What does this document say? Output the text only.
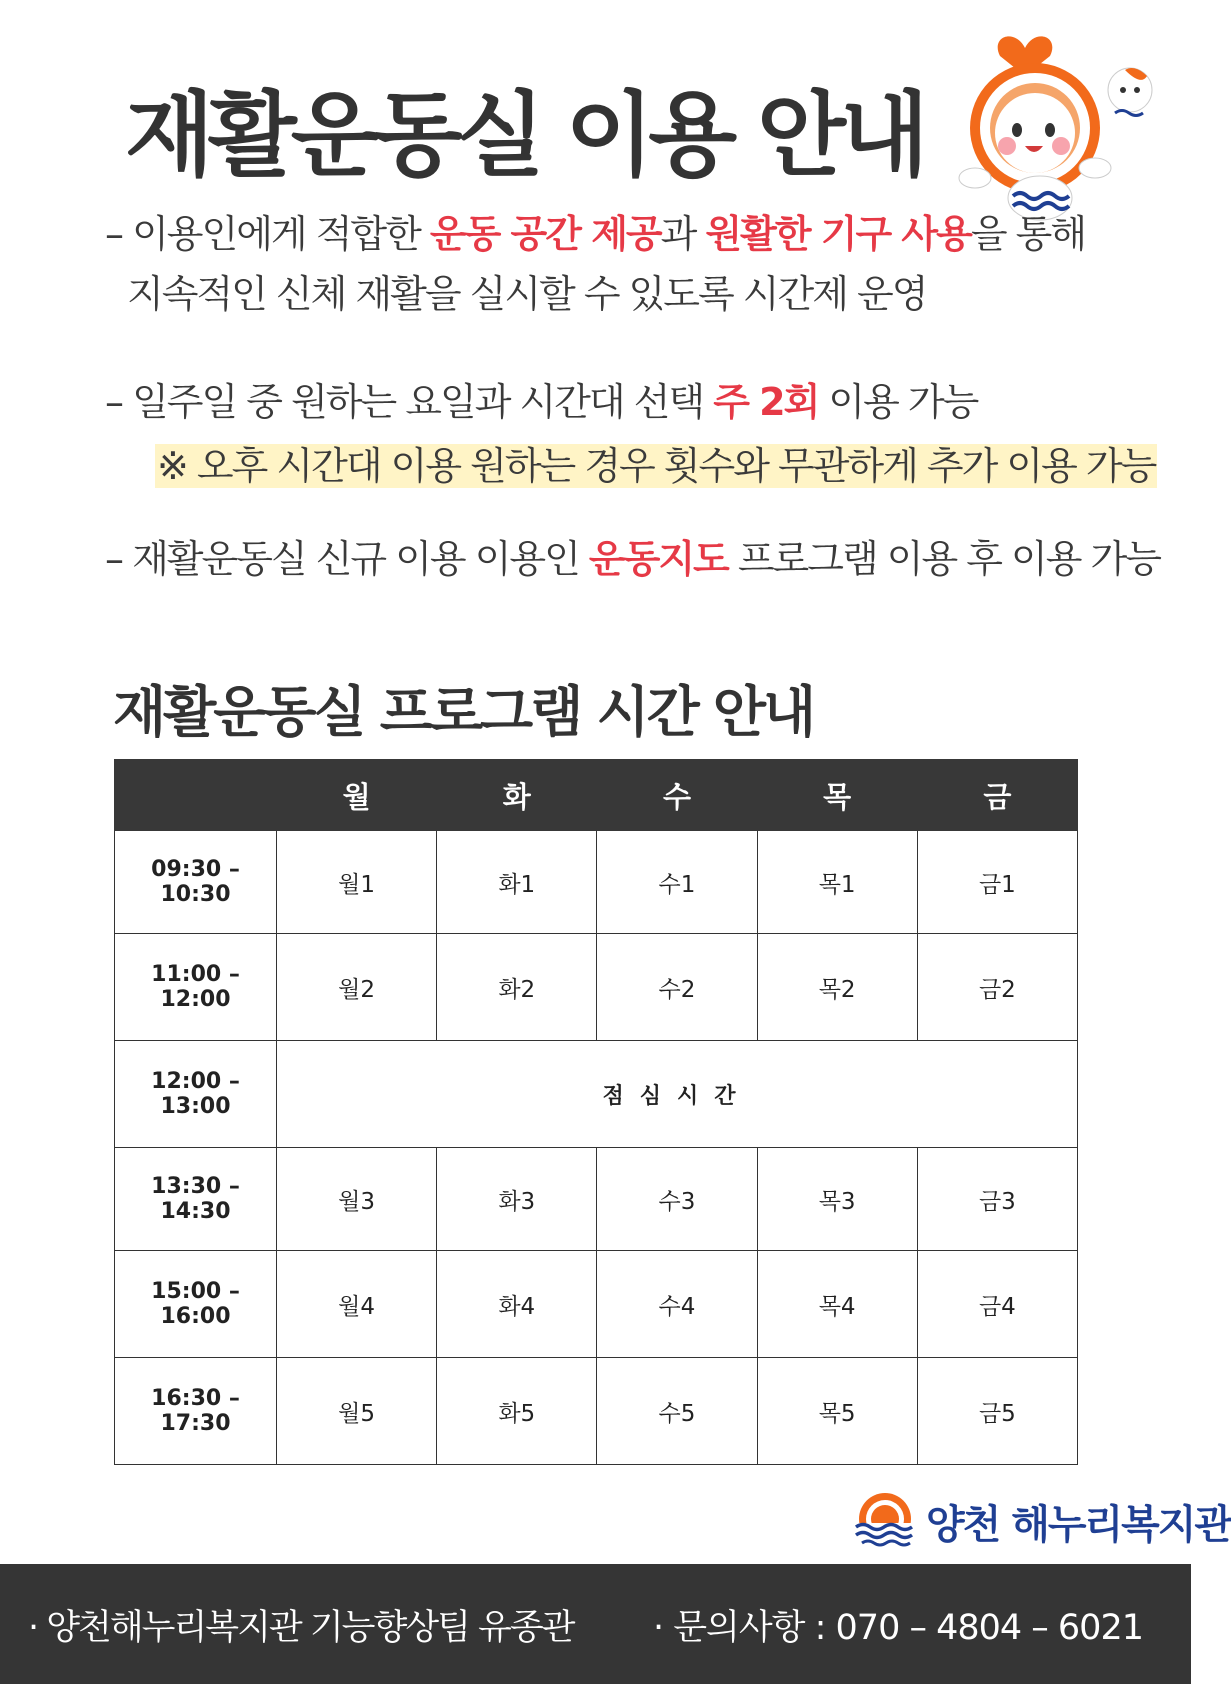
재활운동실 이용 안내
– 이용인에게 적합한 운동 공간 제공과 원활한 기구 사용을 통해
지속적인 신체 재활을 실시할 수 있도록 시간제 운영
– 일주일 중 원하는 요일과 시간대 선택 주 2회 이용 가능
※ 오후 시간대 이용 원하는 경우 횟수와 무관하게 추가 이용 가능
– 재활운동실 신규 이용 이용인 운동지도 프로그램 이용 후 이용 가능
재활운동실 프로그램 시간 안내
	월	화	수	목	금
09:30 – 10:30	월1	화1	수1	목1	금1
11:00 – 12:00	월2	화2	수2	목2	금2
12:00 – 13:00	점심시간				
13:30 – 14:30	월3	화3	수3	목3	금3
15:00 – 16:00	월4	화4	수4	목4	금4
16:30 – 17:30	월5	화5	수5	목5	금5
양천 해누리복지관
· 양천해누리복지관 기능향상팀 유종관 · 문의사항 : 070 – 4804 – 6021
